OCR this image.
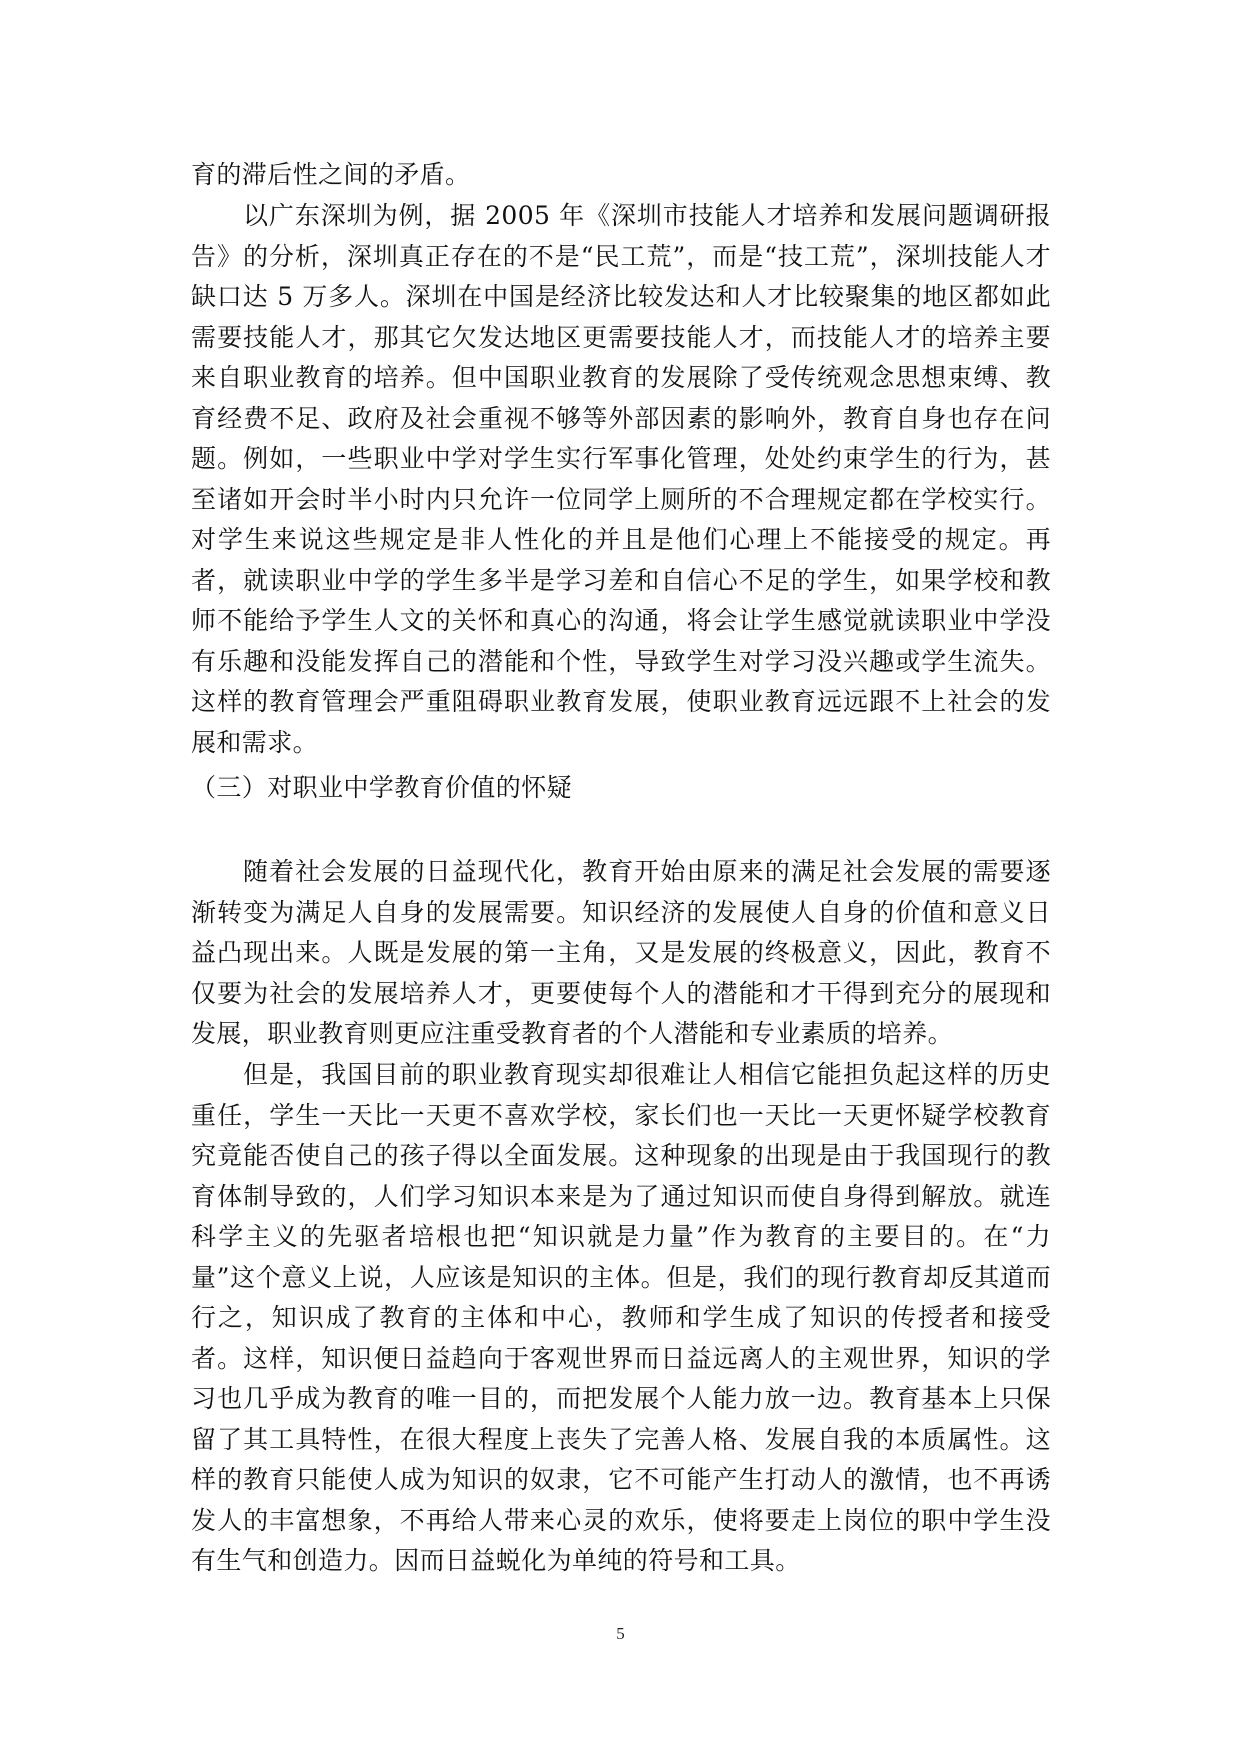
育的滞后性之间的矛盾。

以广东深圳为例，据 2005 年《深圳市技能人才培养和发展问题调研报告》的分析，深圳真正存在的不是“民工荒”，而是“技工荒”，深圳技能人才缺口达 5 万多人。深圳在中国是经济比较发达和人才比较聚集的地区都如此需要技能人才，那其它欠发达地区更需要技能人才，而技能人才的培养主要来自职业教育的培养。但中国职业教育的发展除了受传统观念思想束缚、教育经费不足、政府及社会重视不够等外部因素的影响外，教育自身也存在问题。例如，一些职业中学对学生实行军事化管理，处处约束学生的行为，甚至诸如开会时半小时内只允许一位同学上厕所的不合理规定都在学校实行。对学生来说这些规定是非人性化的并且是他们心理上不能接受的规定。再者，就读职业中学的学生多半是学习差和自信心不足的学生，如果学校和教师不能给予学生人文的关怀和真心的沟通，将会让学生感觉就读职业中学没有乐趣和没能发挥自己的潜能和个性，导致学生对学习没兴趣或学生流失。这样的教育管理会严重阻碍职业教育发展，使职业教育远远跟不上社会的发展和需求。

（三）对职业中学教育价值的怀疑

随着社会发展的日益现代化，教育开始由原来的满足社会发展的需要逐渐转变为满足人自身的发展需要。知识经济的发展使人自身的价值和意义日益凸现出来。人既是发展的第一主角，又是发展的终极意义，因此，教育不仅要为社会的发展培养人才，更要使每个人的潜能和才干得到充分的展现和发展，职业教育则更应注重受教育者的个人潜能和专业素质的培养。

但是，我国目前的职业教育现实却很难让人相信它能担负起这样的历史重任，学生一天比一天更不喜欢学校，家长们也一天比一天更怀疑学校教育究竟能否使自己的孩子得以全面发展。这种现象的出现是由于我国现行的教育体制导致的，人们学习知识本来是为了通过知识而使自身得到解放。就连科学主义的先驱者培根也把“知识就是力量”作为教育的主要目的。在“力量”这个意义上说，人应该是知识的主体。但是，我们的现行教育却反其道而行之，知识成了教育的主体和中心，教师和学生成了知识的传授者和接受者。这样，知识便日益趋向于客观世界而日益远离人的主观世界，知识的学习也几乎成为教育的唯一目的，而把发展个人能力放一边。教育基本上只保留了其工具特性，在很大程度上丧失了完善人格、发展自我的本质属性。这样的教育只能使人成为知识的奴隶，它不可能产生打动人的激情，也不再诱发人的丰富想象，不再给人带来心灵的欢乐，使将要走上岗位的职中学生没有生气和创造力。因而日益蜕化为单纯的符号和工具。

5
